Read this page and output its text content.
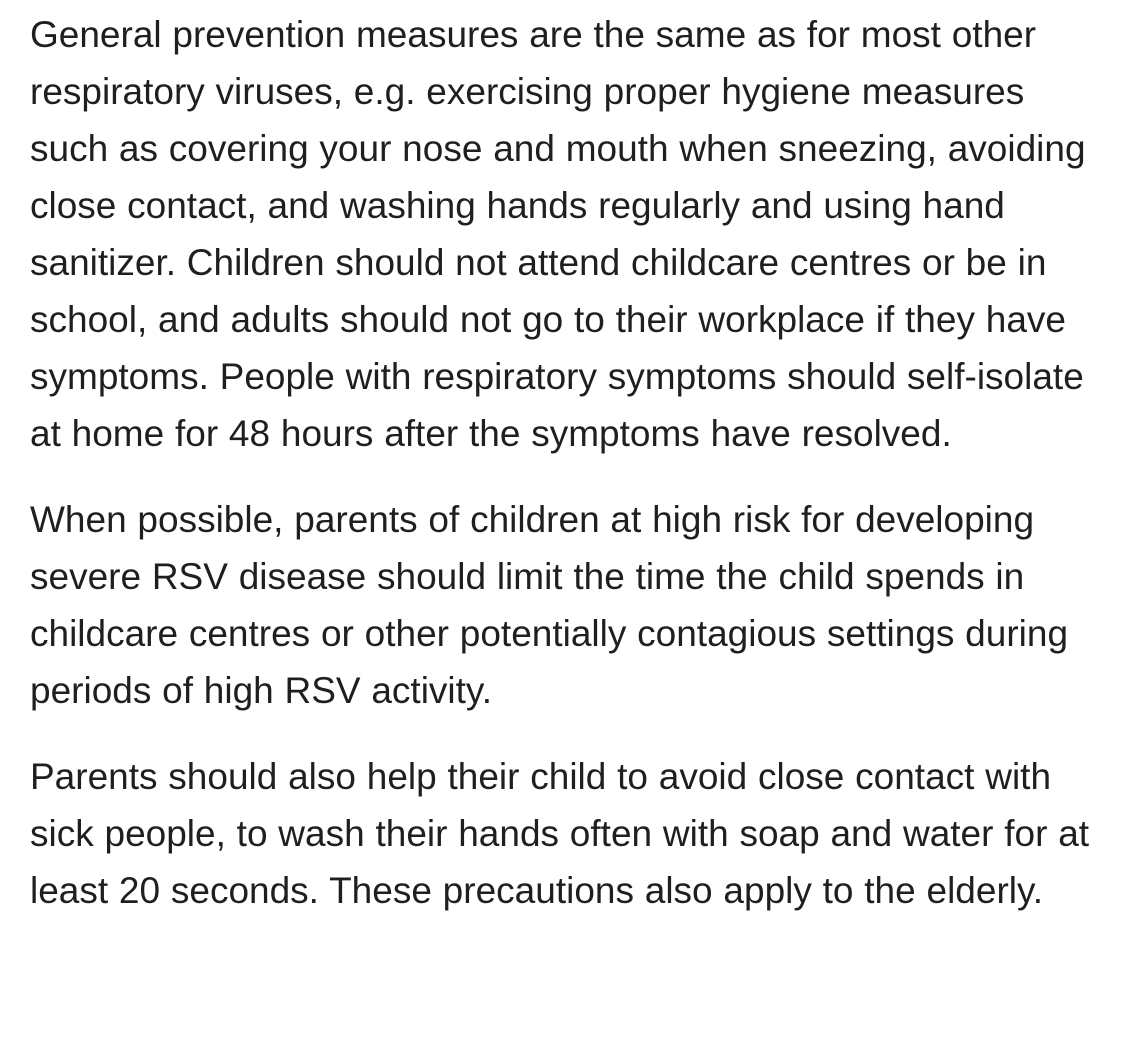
General prevention measures are the same as for most other respiratory viruses, e.g. exercising proper hygiene measures such as covering your nose and mouth when sneezing, avoiding close contact, and washing hands regularly and using hand sanitizer. Children should not attend childcare centres or be in school, and adults should not go to their workplace if they have symptoms. People with respiratory symptoms should self-isolate at home for 48 hours after the symptoms have resolved.

When possible, parents of children at high risk for developing severe RSV disease should limit the time the child spends in childcare centres or other potentially contagious settings during periods of high RSV activity.

Parents should also help their child to avoid close contact with sick people, to wash their hands often with soap and water for at least 20 seconds. These precautions also apply to the elderly.
